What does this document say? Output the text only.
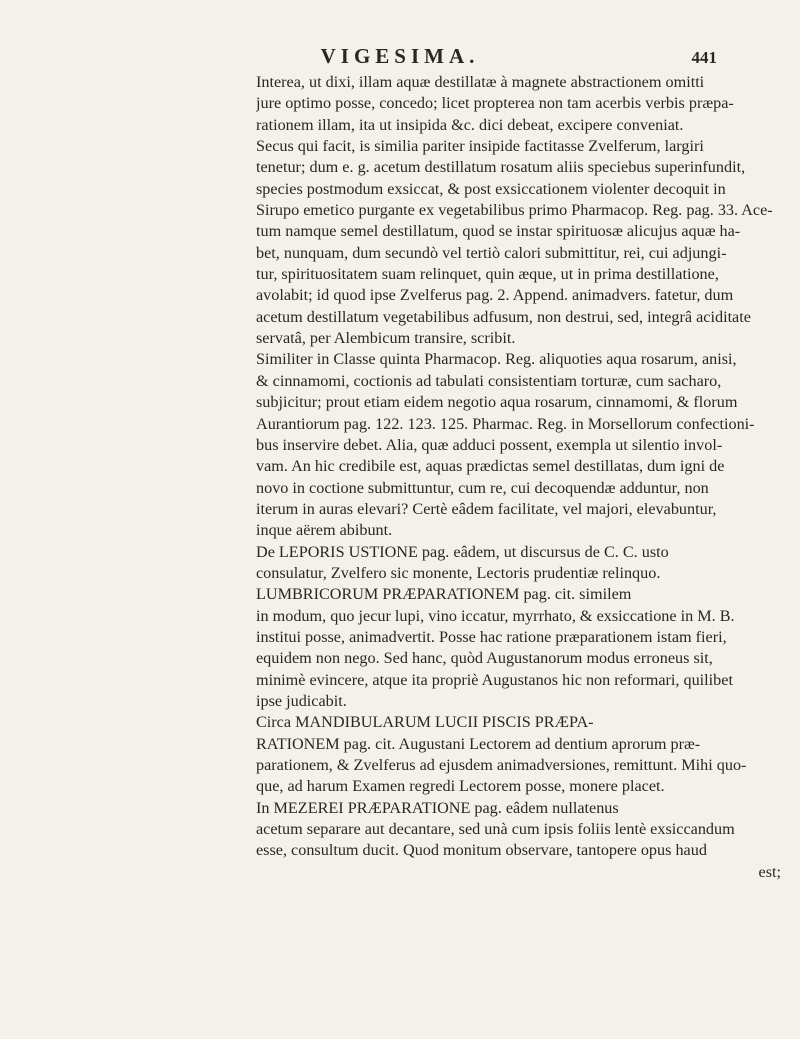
VIGESIMA.	441
Interea, ut dixi, illam aquæ destillatæ à magnete abstractionem omitti
jure optimo posse, concedo; licet propterea non tam acerbis verbis præpa-
rationem illam, ita ut insipida &c. dici debeat, excipere conveniat.
Secus qui facit, is similia pariter insipide factitasse Zvelferum, largiri
tenetur; dum e. g. acetum destillatum rosatum aliis speciebus superinfundit,
species postmodum exsiccat, & post exsiccationem violenter decoquit in
Sirupo emetico purgante ex vegetabilibus primo Pharmacop. Reg. pag. 33. Ace-
tum namque semel destillatum, quod se instar spirituosæ alicujus aquæ ha-
bet, nunquam, dum secundò vel tertiò calori submittitur, rei, cui adjungi-
tur, spirituositatem suam relinquet, quin æque, ut in prima destillatione,
avolabit; id quod ipse Zvelferus pag. 2. Append. animadvers. fatetur, dum
acetum destillatum vegetabilibus adfusum, non destrui, sed, integrâ aciditate
servatâ, per Alembicum transire, scribit.
Similiter in Classe quinta Pharmacop. Reg. aliquoties aqua rosarum, anisi,
& cinnamomi, coctionis ad tabulati consistentiam torturæ, cum sacharo,
subjicitur; prout etiam eidem negotio aqua rosarum, cinnamomi, & florum
Aurantiorum pag. 122. 123. 125. Pharmac. Reg. in Morsellorum confectioni-
bus inservire debet. Alia, quæ adduci possent, exempla ut silentio invol-
vam. An hic credibile est, aquas prædictas semel destillatas, dum igni de
novo in coctione submittuntur, cum re, cui decoquendæ adduntur, non
iterum in auras elevari? Certè eâdem facilitate, vel majori, elevabuntur,
inque aërem abibunt.
De LEPORIS USTIONE pag. eâdem, ut discursus de C. C. usto
consulatur, Zvelfero sic monente, Lectoris prudentiæ relinquo.
LUMBRICORUM PRÆPARATIONEM pag. cit. similem
in modum, quo jecur lupi, vino iccatur, myrrhato, & exsiccatione in M. B.
institui posse, animadvertit. Posse hac ratione præparationem istam fieri,
equidem non nego. Sed hanc, quòd Augustanorum modus erroneus sit,
minimè evincere, atque ita propriè Augustanos hic non reformari, quilibet
ipse judicabit.
Circa MANDIBULARUM LUCII PISCIS PRÆPA-
RATIONEM pag. cit. Augustani Lectorem ad dentium aprorum præ-
parationem, & Zvelferus ad ejusdem animadversiones, remittunt. Mihi quo-
que, ad harum Examen regredi Lectorem posse, monere placet.
In MEZEREI PRÆPARATIONE pag. eâdem nullatenus
acetum separare aut decantare, sed unà cum ipsis foliis lentè exsiccandum
esse, consultum ducit. Quod monitum observare, tantopere opus haud
est;
